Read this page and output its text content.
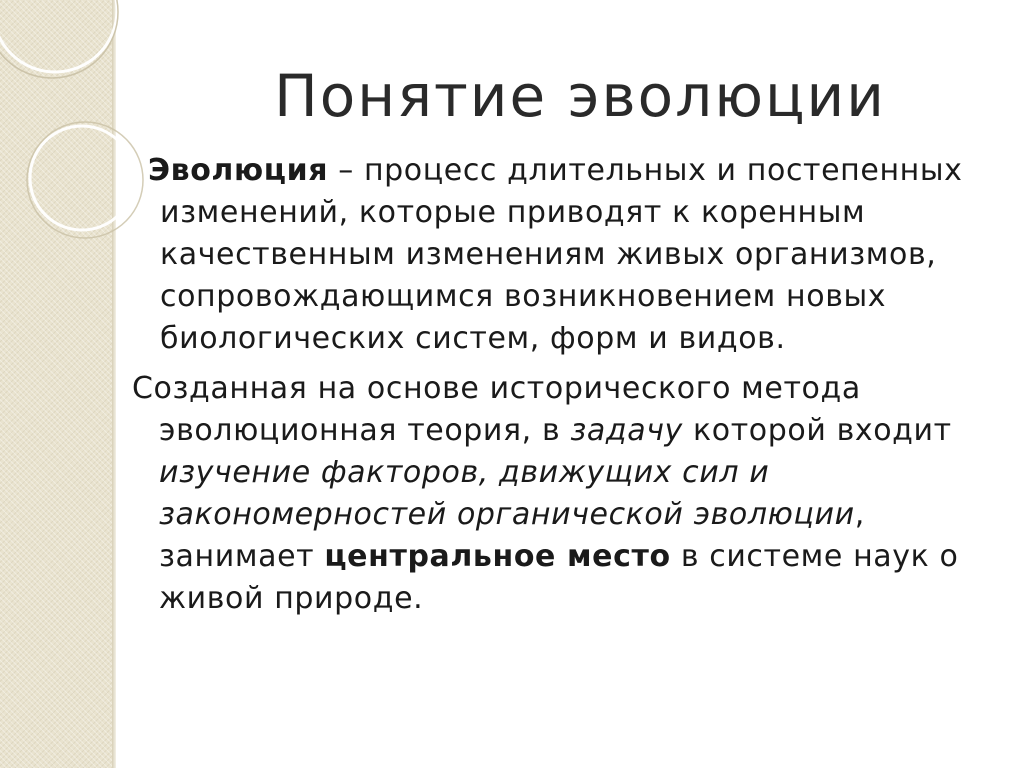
Понятие эволюции

Эволюция – процесс длительных и постепенных изменений, которые приводят к коренным качественным изменениям живых организмов, сопровождающимся возникновением новых биологических систем, форм и видов.

Созданная на основе исторического метода эволюционная теория, в задачу которой входит изучение факторов, движущих сил и закономерностей органической эволюции, занимает центральное место в системе наук о живой природе.
